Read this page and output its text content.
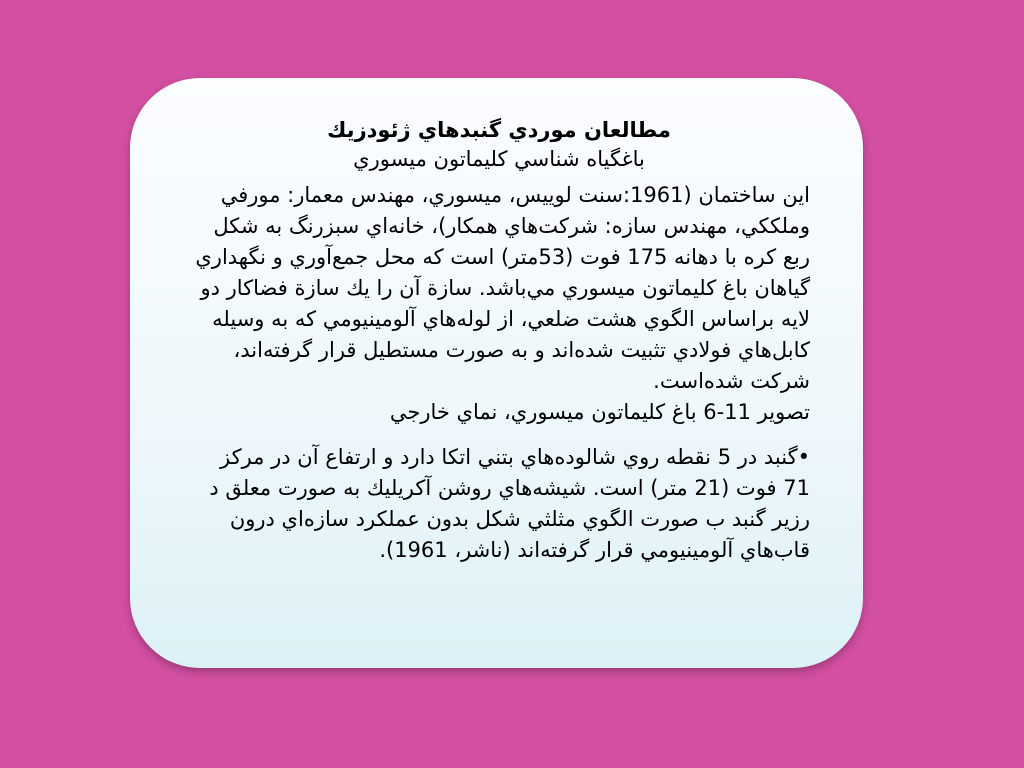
مطالعان موردي گنبدهاي ژئودزيك

باغگياه شناسي كليماتون ميسوري

اين ساختمان (1961:سنت لوييس، ميسوري، مهندس معمار: مورفي وملككي، مهندس سازه: شركت‌هاي همكار)، خانه‌اي سبزرنگ به شكل ربع كره با دهانه 175 فوت (53متر) است كه محل جمع‌آوري و نگهداري گياهان باغ كليماتون ميسوري مي‌باشد. سازة آن را يك سازة فضاكار دو لايه براساس الگوي هشت ضلعي، از لوله‌هاي آلومينيومي كه به وسيله كابل‌هاي فولادي تثبيت شده‌اند و به صورت مستطيل قرار گرفته‌اند، شركت شده‌است.

تصوير 11-6 باغ كليماتون ميسوري، نماي خارجي

•گنبد در 5 نقطه روي شالوده‌هاي بتني اتكا دارد و ارتفاع آن در مركز 71 فوت (21 متر) است. شيشه‌هاي روشن آكريليك به صورت معلق د رزير گنبد ب صورت الگوي مثلثي شكل بدون عملكرد سازه‌اي درون قاب‌هاي آلومينيومي قرار گرفته‌اند (ناشر، 1961).
